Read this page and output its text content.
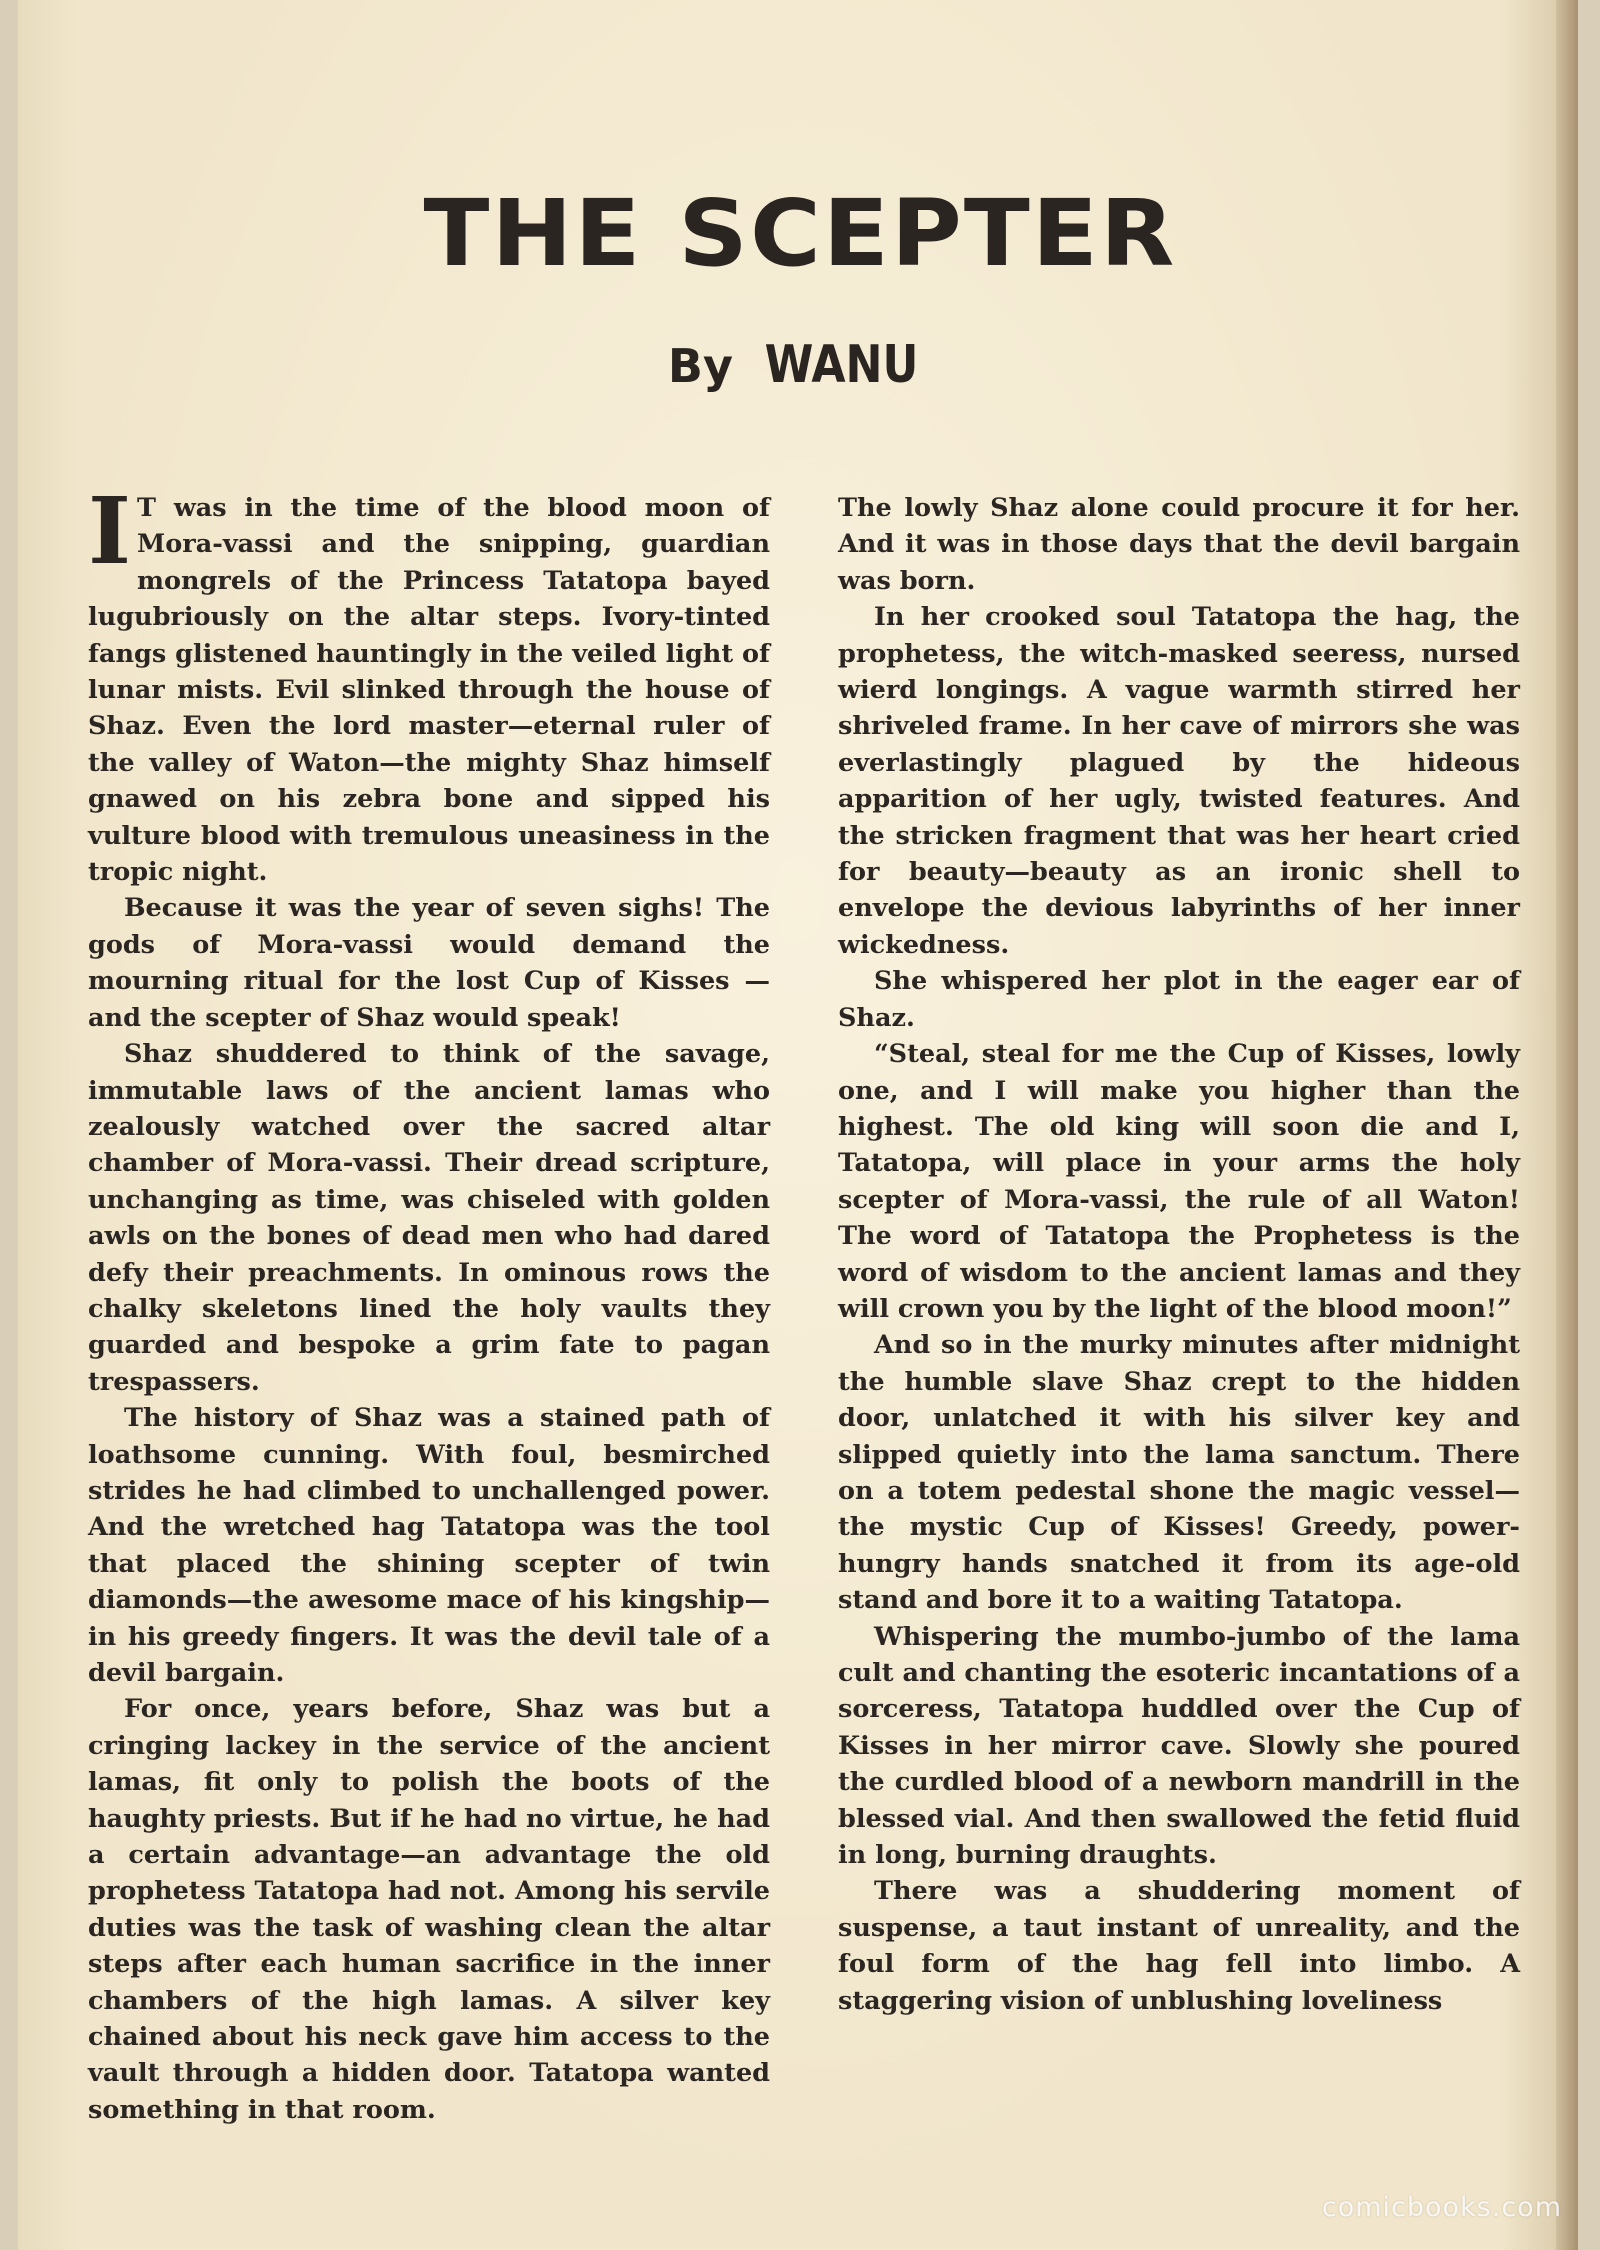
THE SCEPTER
By WANU

I T was in the time of the blood moon of Mora-vassi and the snipping, guardian mongrels of the Princess Tatatopa bayed lugubriously on the altar steps. Ivory-tinted fangs glistened hauntingly in the veiled light of lunar mists. Evil slinked through the house of Shaz. Even the lord master—eternal ruler of the valley of Waton—the mighty Shaz himself gnawed on his zebra bone and sipped his vulture blood with tremulous uneasiness in the tropic night.

Because it was the year of seven sighs! The gods of Mora-vassi would demand the mourning ritual for the lost Cup of Kisses —and the scepter of Shaz would speak!

Shaz shuddered to think of the savage, immutable laws of the ancient lamas who zealously watched over the sacred altar chamber of Mora-vassi. Their dread scripture, unchanging as time, was chiseled with golden awls on the bones of dead men who had dared defy their preachments. In ominous rows the chalky skeletons lined the holy vaults they guarded and bespoke a grim fate to pagan trespassers.

The history of Shaz was a stained path of loathsome cunning. With foul, besmirched strides he had climbed to unchallenged power. And the wretched hag Tatatopa was the tool that placed the shining scepter of twin diamonds—the awesome mace of his kingship—in his greedy fingers. It was the devil tale of a devil bargain.

For once, years before, Shaz was but a cringing lackey in the service of the ancient lamas, fit only to polish the boots of the haughty priests. But if he had no virtue, he had a certain advantage—an advantage the old prophetess Tatatopa had not. Among his servile duties was the task of washing clean the altar steps after each human sacrifice in the inner chambers of the high lamas. A silver key chained about his neck gave him access to the vault through a hidden door. Tatatopa wanted something in that room.

The lowly Shaz alone could procure it for her. And it was in those days that the devil bargain was born.

In her crooked soul Tatatopa the hag, the prophetess, the witch-masked seeress, nursed wierd longings. A vague warmth stirred her shriveled frame. In her cave of mirrors she was everlastingly plagued by the hideous apparition of her ugly, twisted features. And the stricken fragment that was her heart cried for beauty—beauty as an ironic shell to envelope the devious labyrinths of her inner wickedness.

She whispered her plot in the eager ear of Shaz.

“Steal, steal for me the Cup of Kisses, lowly one, and I will make you higher than the highest. The old king will soon die and I, Tatatopa, will place in your arms the holy scepter of Mora-vassi, the rule of all Waton! The word of Tatatopa the Prophetess is the word of wisdom to the ancient lamas and they will crown you by the light of the blood moon!”

And so in the murky minutes after midnight the humble slave Shaz crept to the hidden door, unlatched it with his silver key and slipped quietly into the lama sanctum. There on a totem pedestal shone the magic vessel—the mystic Cup of Kisses! Greedy, power-hungry hands snatched it from its age-old stand and bore it to a waiting Tatatopa.

Whispering the mumbo-jumbo of the lama cult and chanting the esoteric incantations of a sorceress, Tatatopa huddled over the Cup of Kisses in her mirror cave. Slowly she poured the curdled blood of a newborn mandrill in the blessed vial. And then swallowed the fetid fluid in long, burning draughts.

There was a shuddering moment of suspense, a taut instant of unreality, and the foul form of the hag fell into limbo. A staggering vision of unblushing loveliness

comicbooks.com
